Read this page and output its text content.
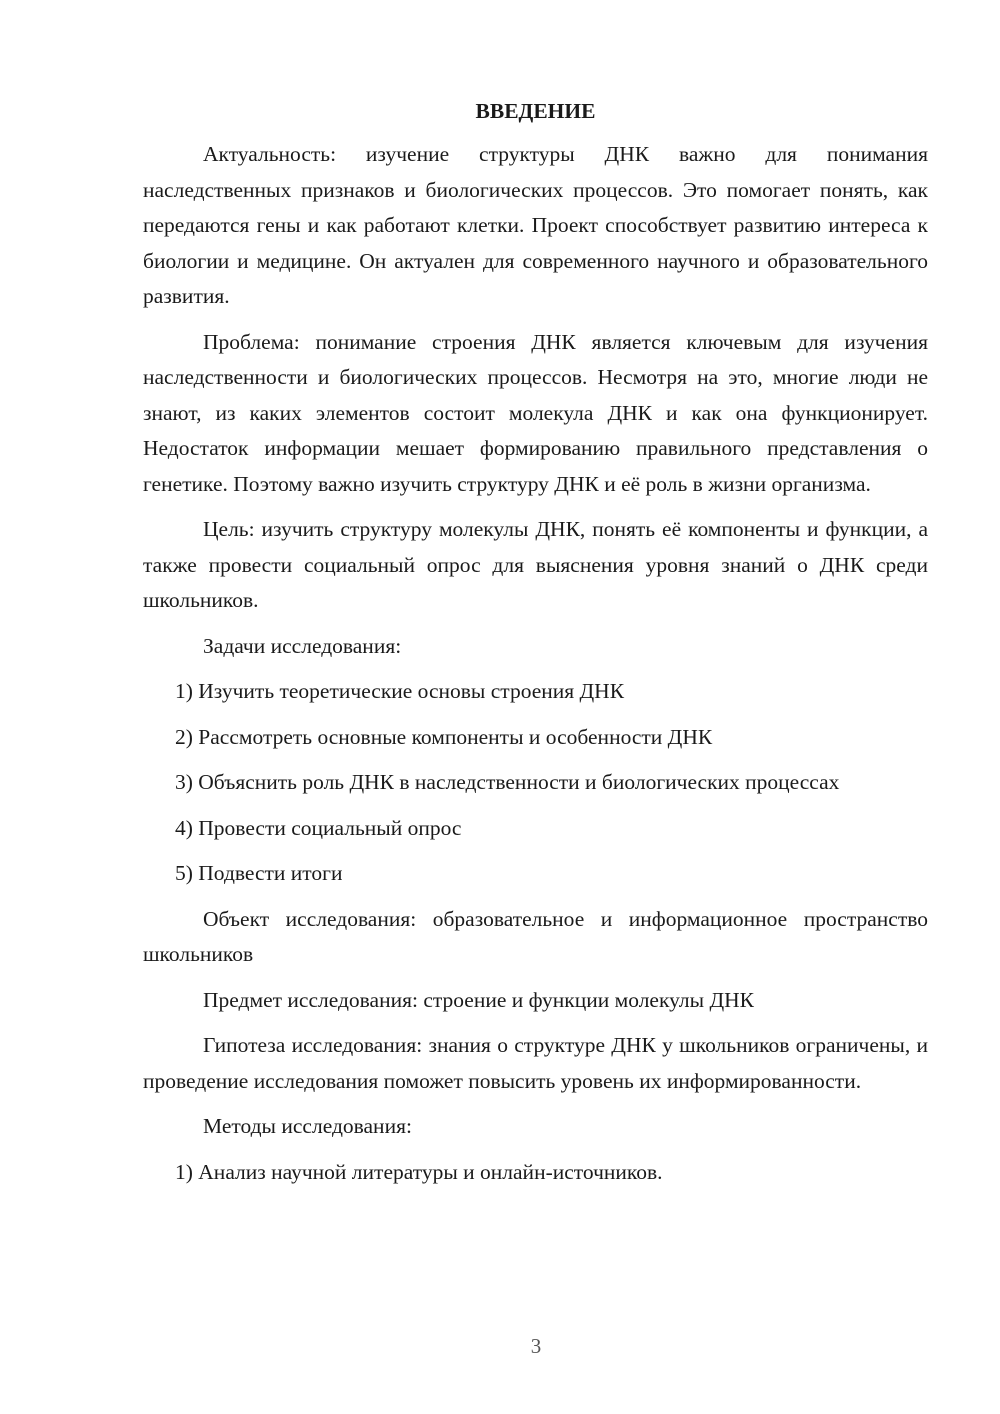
ВВЕДЕНИЕ

Актуальность: изучение структуры ДНК важно для понимания наследственных признаков и биологических процессов. Это помогает понять, как передаются гены и как работают клетки. Проект способствует развитию интереса к биологии и медицине. Он актуален для современного научного и образовательного развития.

Проблема: понимание строения ДНК является ключевым для изучения наследственности и биологических процессов. Несмотря на это, многие люди не знают, из каких элементов состоит молекула ДНК и как она функционирует. Недостаток информации мешает формированию правильного представления о генетике. Поэтому важно изучить структуру ДНК и её роль в жизни организма.

Цель: изучить структуру молекулы ДНК, понять её компоненты и функции, а также провести социальный опрос для выяснения уровня знаний о ДНК среди школьников.

Задачи исследования:

1) Изучить теоретические основы строения ДНК

2) Рассмотреть основные компоненты и особенности ДНК

3) Объяснить роль ДНК в наследственности и биологических процессах

4) Провести социальный опрос

5) Подвести итоги

Объект исследования: образовательное и информационное пространство школьников

Предмет исследования: строение и функции молекулы ДНК

Гипотеза исследования: знания о структуре ДНК у школьников ограничены, и проведение исследования поможет повысить уровень их информированности.

Методы исследования:

1) Анализ научной литературы и онлайн-источников.

3
